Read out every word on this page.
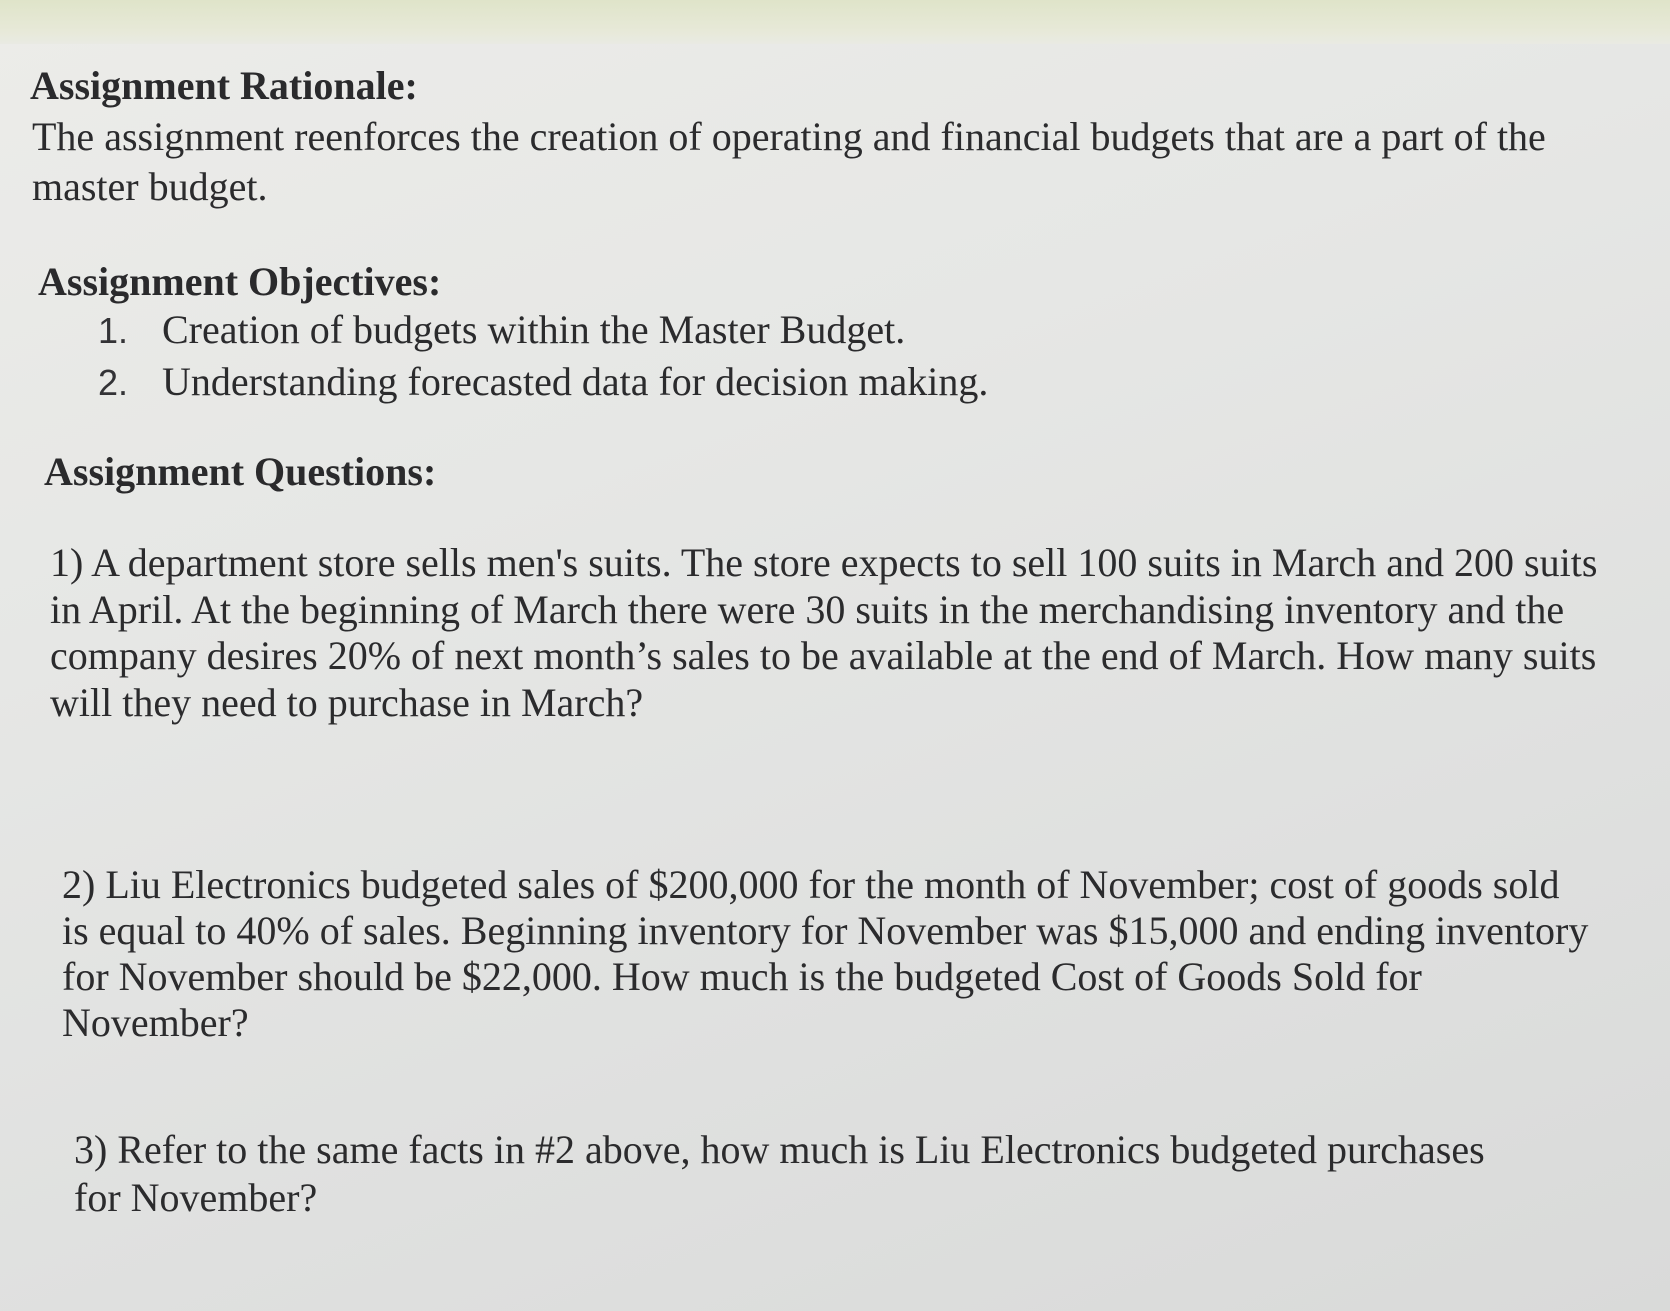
Assignment Rationale:
The assignment reenforces the creation of operating and financial budgets that are a part of the master budget.
Assignment Objectives:
1. Creation of budgets within the Master Budget.
2. Understanding forecasted data for decision making.
Assignment Questions:
1) A department store sells men's suits. The store expects to sell 100 suits in March and 200 suits in April. At the beginning of March there were 30 suits in the merchandising inventory and the company desires 20% of next month’s sales to be available at the end of March. How many suits will they need to purchase in March?
2) Liu Electronics budgeted sales of $200,000 for the month of November; cost of goods sold is equal to 40% of sales. Beginning inventory for November was $15,000 and ending inventory for November should be $22,000. How much is the budgeted Cost of Goods Sold for November?
3) Refer to the same facts in #2 above, how much is Liu Electronics budgeted purchases for November?
